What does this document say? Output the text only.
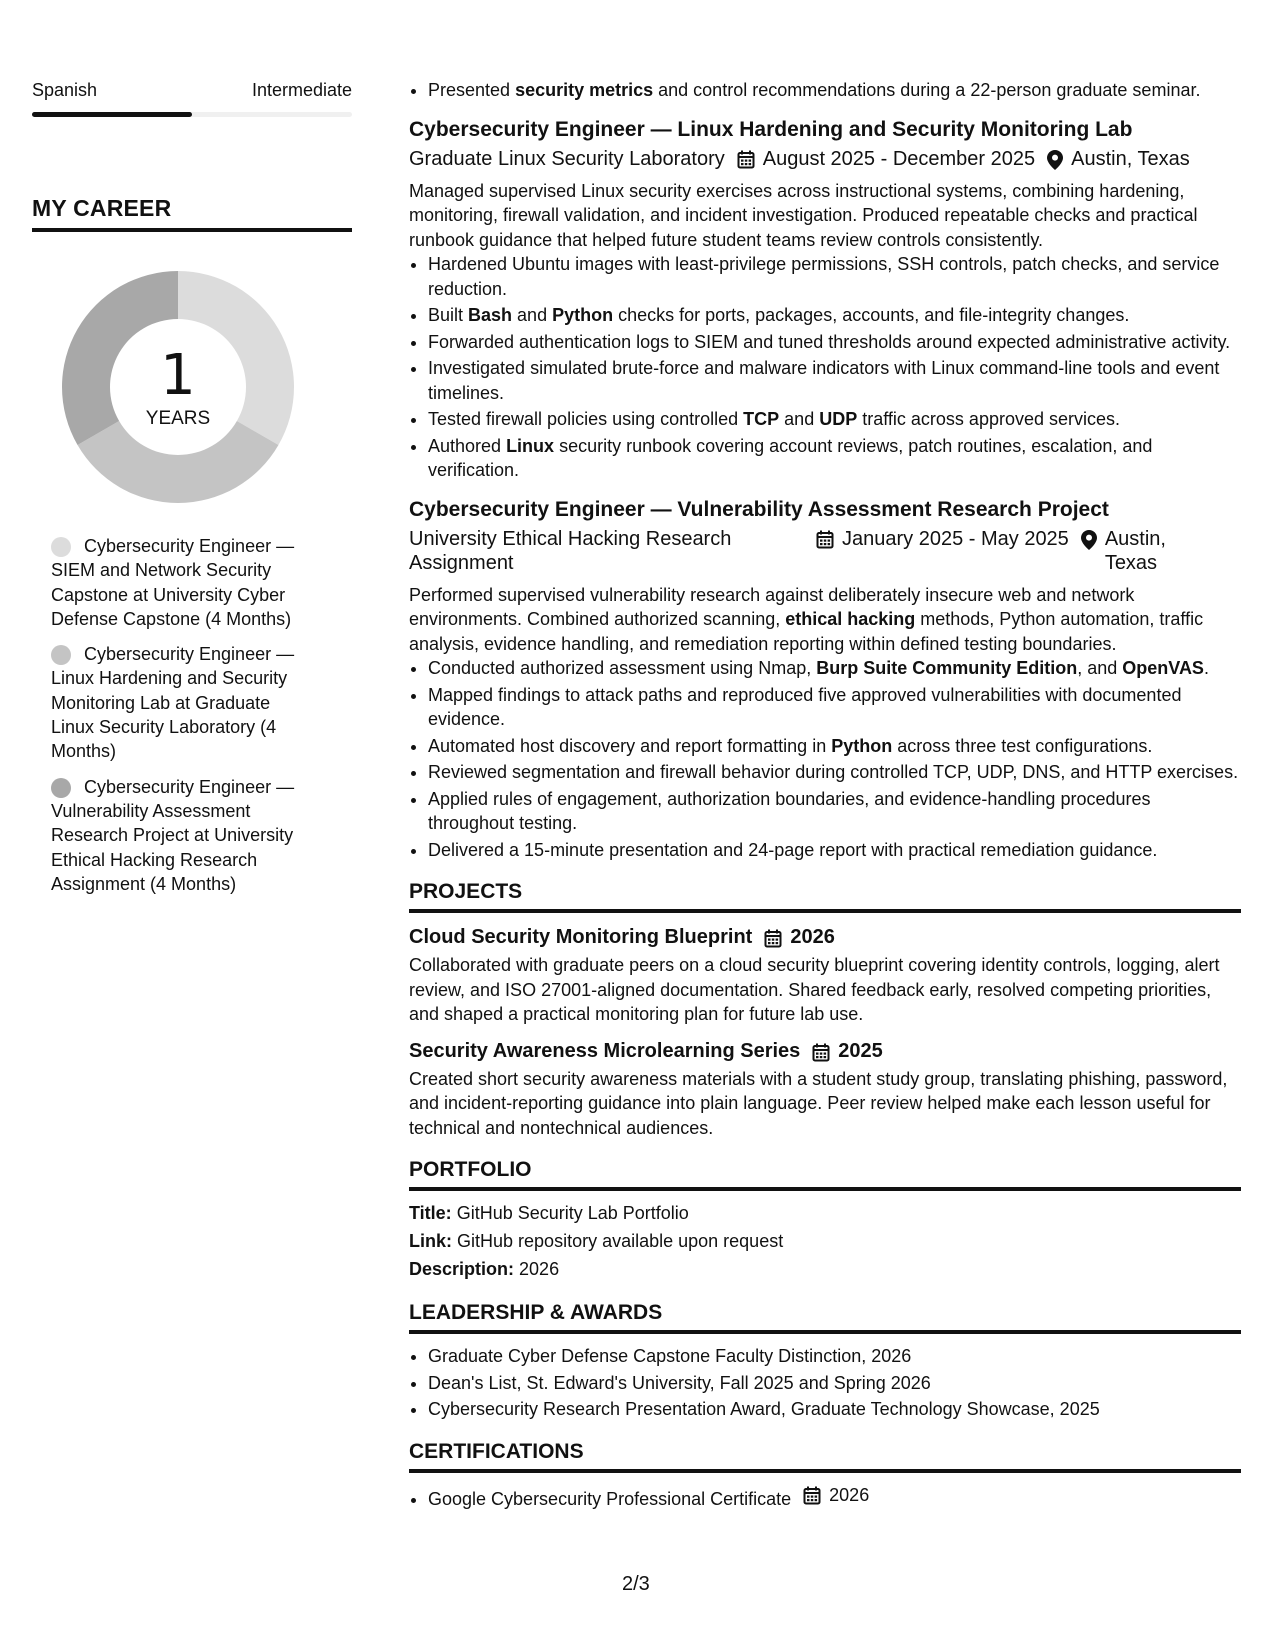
Spanish	Intermediate
MY CAREER
1
YEARS
Cybersecurity Engineer — SIEM and Network Security Capstone at University Cyber Defense Capstone (4 Months)
Cybersecurity Engineer — Linux Hardening and Security Monitoring Lab at Graduate Linux Security Laboratory (4 Months)
Cybersecurity Engineer — Vulnerability Assessment Research Project at University Ethical Hacking Research Assignment (4 Months)
• Presented security metrics and control recommendations during a 22-person graduate seminar.
Cybersecurity Engineer — Linux Hardening and Security Monitoring Lab
Graduate Linux Security Laboratory August 2025 - December 2025 Austin, Texas
Managed supervised Linux security exercises across instructional systems, combining hardening, monitoring, firewall validation, and incident investigation. Produced repeatable checks and practical runbook guidance that helped future student teams review controls consistently.
• Hardened Ubuntu images with least-privilege permissions, SSH controls, patch checks, and service reduction.
• Built Bash and Python checks for ports, packages, accounts, and file-integrity changes.
• Forwarded authentication logs to SIEM and tuned thresholds around expected administrative activity.
• Investigated simulated brute-force and malware indicators with Linux command-line tools and event timelines.
• Tested firewall policies using controlled TCP and UDP traffic across approved services.
• Authored Linux security runbook covering account reviews, patch routines, escalation, and verification.
Cybersecurity Engineer — Vulnerability Assessment Research Project
University Ethical Hacking Research Assignment
January 2025 - May 2025 Austin, Texas
Performed supervised vulnerability research against deliberately insecure web and network environments. Combined authorized scanning, ethical hacking methods, Python automation, traffic analysis, evidence handling, and remediation reporting within defined testing boundaries.
• Conducted authorized assessment using Nmap, Burp Suite Community Edition, and OpenVAS.
• Mapped findings to attack paths and reproduced five approved vulnerabilities with documented evidence.
• Automated host discovery and report formatting in Python across three test configurations.
• Reviewed segmentation and firewall behavior during controlled TCP, UDP, DNS, and HTTP exercises.
• Applied rules of engagement, authorization boundaries, and evidence-handling procedures throughout testing.
• Delivered a 15-minute presentation and 24-page report with practical remediation guidance.
PROJECTS
Cloud Security Monitoring Blueprint 2026
Collaborated with graduate peers on a cloud security blueprint covering identity controls, logging, alert review, and ISO 27001-aligned documentation. Shared feedback early, resolved competing priorities, and shaped a practical monitoring plan for future lab use.
Security Awareness Microlearning Series 2025
Created short security awareness materials with a student study group, translating phishing, password, and incident-reporting guidance into plain language. Peer review helped make each lesson useful for technical and nontechnical audiences.
PORTFOLIO
Title: GitHub Security Lab Portfolio
Link: GitHub repository available upon request
Description: 2026
LEADERSHIP & AWARDS
• Graduate Cyber Defense Capstone Faculty Distinction, 2026
• Dean's List, St. Edward's University, Fall 2025 and Spring 2026
• Cybersecurity Research Presentation Award, Graduate Technology Showcase, 2025
CERTIFICATIONS
• Google Cybersecurity Professional Certificate 2026
2/3
